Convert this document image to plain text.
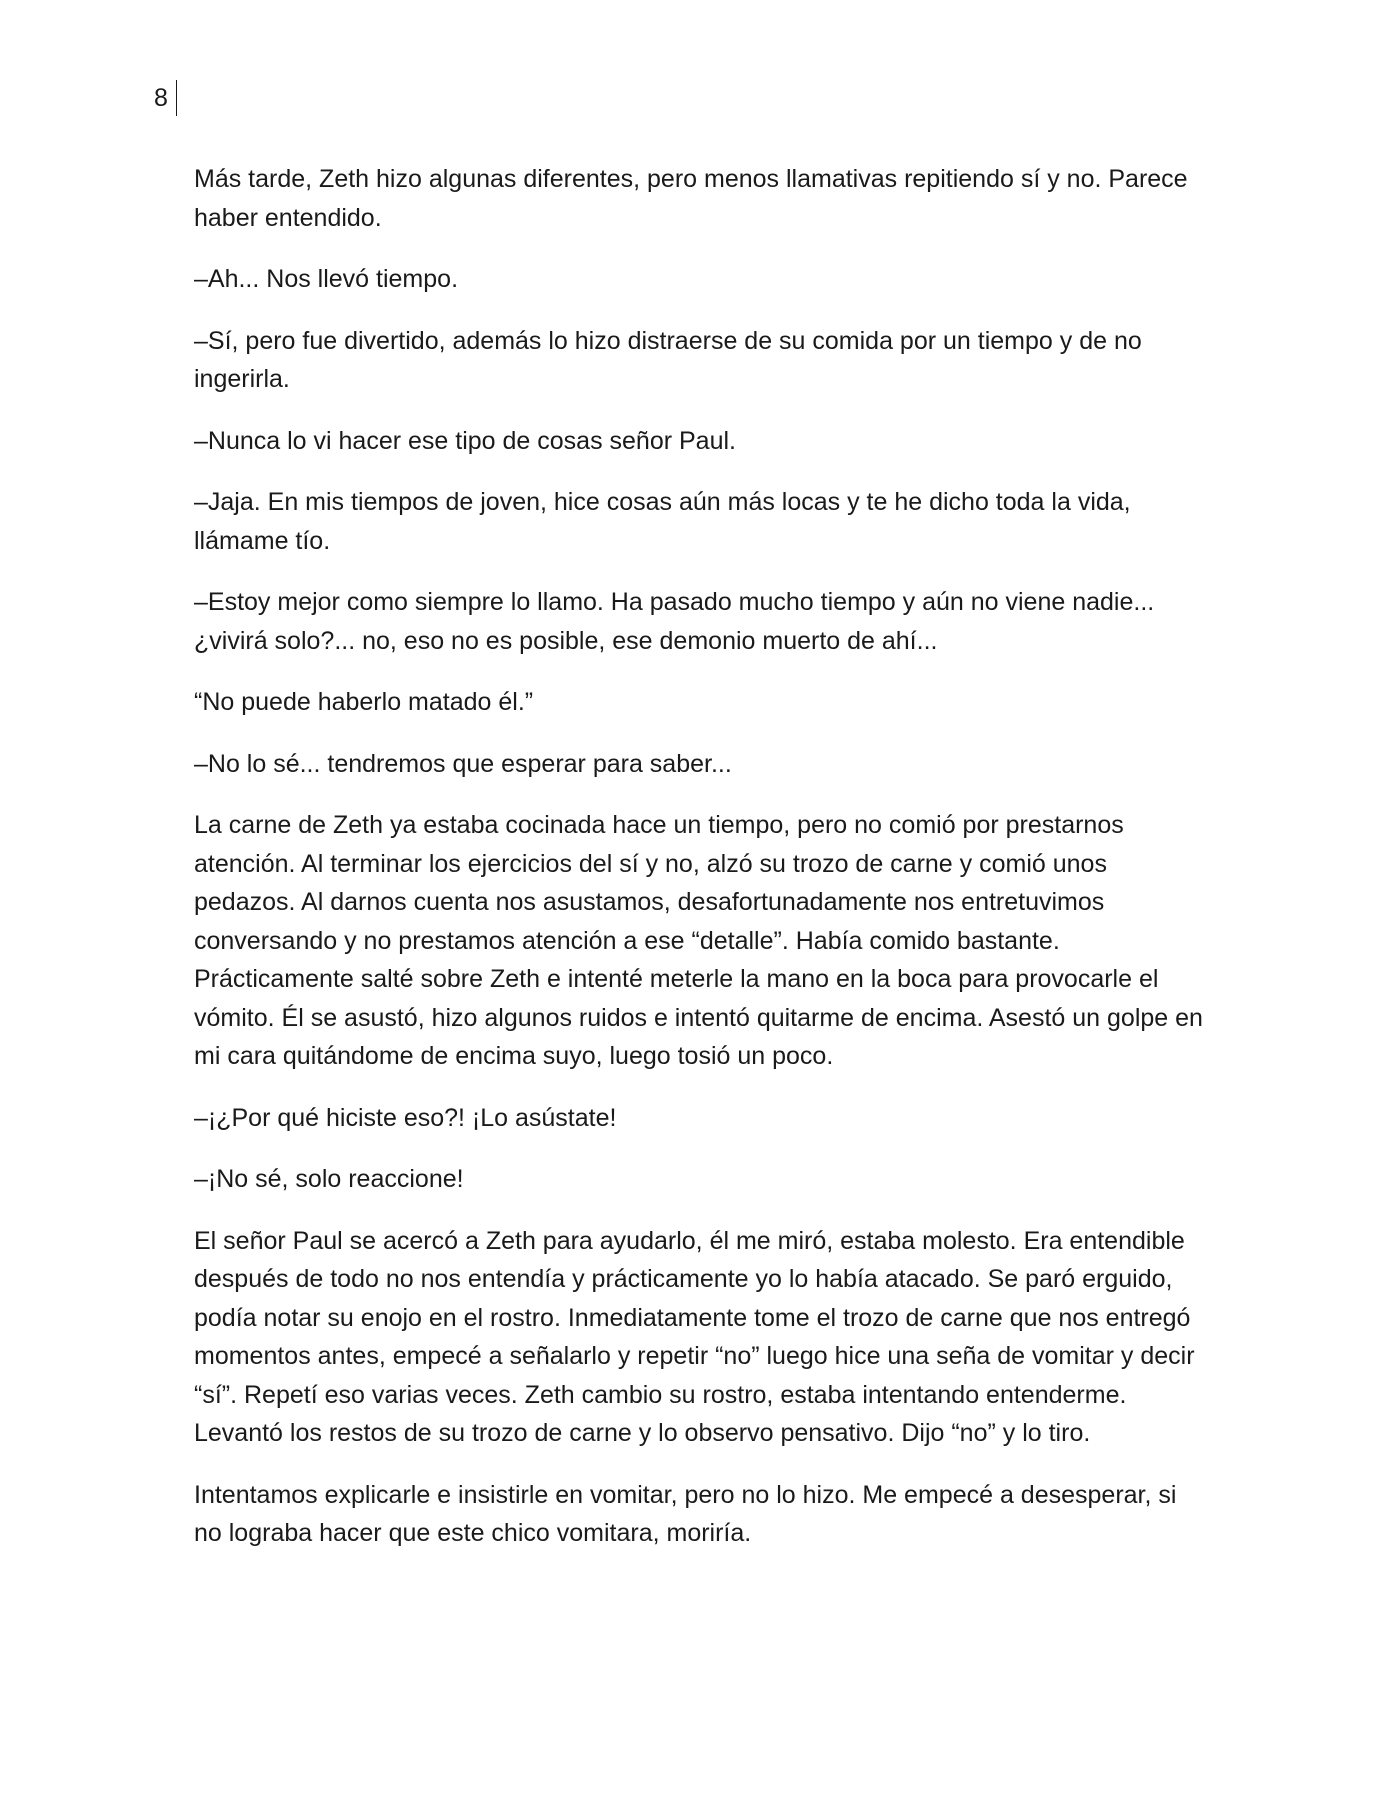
8

Más tarde, Zeth hizo algunas diferentes, pero menos llamativas repitiendo sí y no. Parece haber entendido.

–Ah... Nos llevó tiempo.

–Sí, pero fue divertido, además lo hizo distraerse de su comida por un tiempo y de no ingerirla.

–Nunca lo vi hacer ese tipo de cosas señor Paul.

–Jaja. En mis tiempos de joven, hice cosas aún más locas y te he dicho toda la vida, llámame tío.

–Estoy mejor como siempre lo llamo. Ha pasado mucho tiempo y aún no viene nadie... ¿vivirá solo?... no, eso no es posible, ese demonio muerto de ahí...

“No puede haberlo matado él.”

–No lo sé... tendremos que esperar para saber...

La carne de Zeth ya estaba cocinada hace un tiempo, pero no comió por prestarnos atención. Al terminar los ejercicios del sí y no, alzó su trozo de carne y comió unos pedazos. Al darnos cuenta nos asustamos, desafortunadamente nos entretuvimos conversando y no prestamos atención a ese “detalle”. Había comido bastante. Prácticamente salté sobre Zeth e intenté meterle la mano en la boca para provocarle el vómito. Él se asustó, hizo algunos ruidos e intentó quitarme de encima. Asestó un golpe en mi cara quitándome de encima suyo, luego tosió un poco.

–¡¿Por qué hiciste eso?! ¡Lo asústate!

–¡No sé, solo reaccione!

El señor Paul se acercó a Zeth para ayudarlo, él me miró, estaba molesto. Era entendible después de todo no nos entendía y prácticamente yo lo había atacado. Se paró erguido, podía notar su enojo en el rostro. Inmediatamente tome el trozo de carne que nos entregó momentos antes, empecé a señalarlo y repetir “no” luego hice una seña de vomitar y decir “sí”. Repetí eso varias veces. Zeth cambio su rostro, estaba intentando entenderme. Levantó los restos de su trozo de carne y lo observo pensativo. Dijo “no” y lo tiro.

Intentamos explicarle e insistirle en vomitar, pero no lo hizo. Me empecé a desesperar, si no lograba hacer que este chico vomitara, moriría.
